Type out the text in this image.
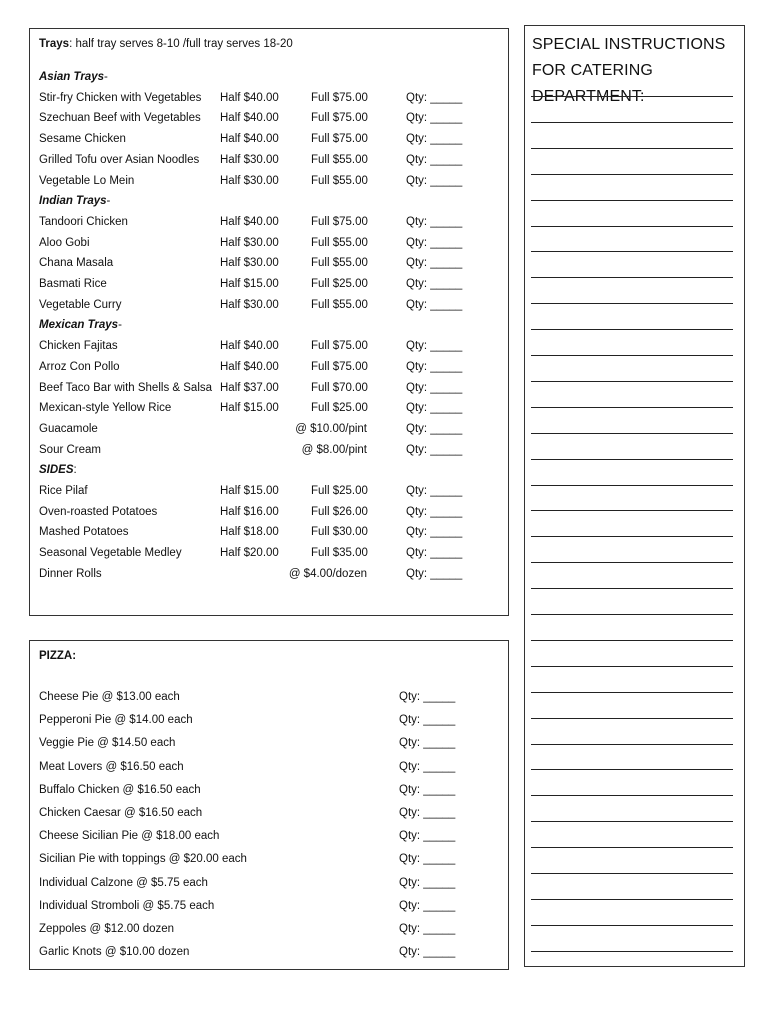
Trays: half tray serves 8-10 /full tray serves 18-20
Asian Trays-
Stir-fry Chicken with Vegetables Half $40.00	Full $75.00	Qty: _____
Szechuan Beef with Vegetables Half $40.00	Full $75.00	Qty: _____
Sesame Chicken	Half $40.00	Full $75.00	Qty: _____
Grilled Tofu over Asian Noodles Half $30.00	Full $55.00	Qty: _____
Vegetable Lo Mein	Half $30.00	Full $55.00	Qty: _____
Indian Trays-
Tandoori Chicken	Half $40.00	Full $75.00	Qty: _____
Aloo Gobi	Half $30.00	Full $55.00	Qty: _____
Chana Masala	Half $30.00	Full $55.00	Qty: _____
Basmati Rice	Half $15.00	Full $25.00	Qty: _____
Vegetable Curry	Half $30.00	Full $55.00	Qty: _____
Mexican Trays-
Chicken Fajitas	Half $40.00	Full $75.00	Qty: _____
Arroz Con Pollo	Half $40.00	Full $75.00	Qty: _____
Beef Taco Bar with Shells & Salsa Half $37.00	Full $70.00	Qty: _____
Mexican-style Yellow Rice	Half $15.00	Full $25.00	Qty: _____
Guacamole	@ $10.00/pint	Qty: _____
Sour Cream	@ $8.00/pint	Qty: _____
SIDES:
Rice Pilaf	Half $15.00	Full $25.00	Qty: _____
Oven-roasted Potatoes	Half $16.00	Full $26.00	Qty: _____
Mashed Potatoes	Half $18.00	Full $30.00	Qty: _____
Seasonal Vegetable Medley	Half $20.00	Full $35.00	Qty: _____
Dinner Rolls	@ $4.00/dozen	Qty: _____
PIZZA:
Cheese Pie @ $13.00 each	Qty: _____
Pepperoni Pie @ $14.00 each	Qty: _____
Veggie Pie @ $14.50 each	Qty: _____
Meat Lovers @ $16.50 each	Qty: _____
Buffalo Chicken @ $16.50 each	Qty: _____
Chicken Caesar @ $16.50 each	Qty: _____
Cheese Sicilian Pie @ $18.00 each	Qty: _____
Sicilian Pie with toppings @ $20.00 each	Qty: _____
Individual Calzone @ $5.75 each	Qty: _____
Individual Stromboli @ $5.75 each	Qty: _____
Zeppoles @ $12.00 dozen	Qty: _____
Garlic Knots @ $10.00 dozen	Qty: _____
SPECIAL INSTRUCTIONS FOR CATERING DEPARTMENT:
